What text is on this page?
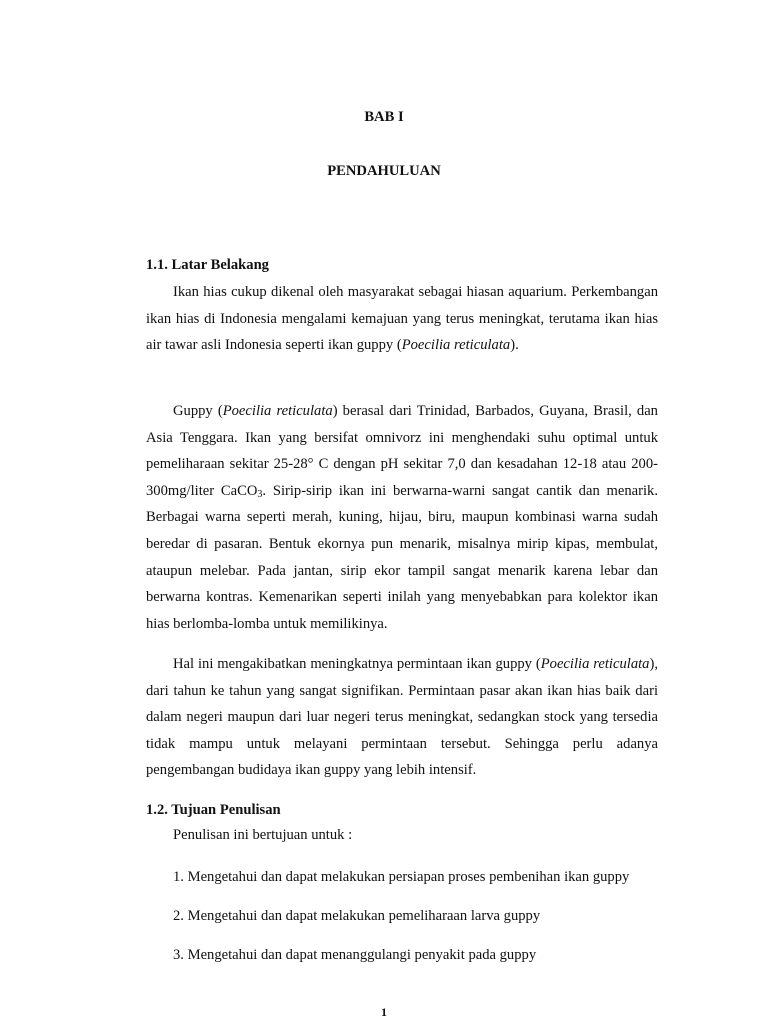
BAB I
PENDAHULUAN
1.1. Latar Belakang
Ikan hias cukup dikenal oleh masyarakat sebagai hiasan aquarium. Perkembangan ikan hias di Indonesia mengalami kemajuan yang terus meningkat, terutama ikan hias air tawar asli Indonesia seperti ikan guppy (Poecilia reticulata).
Guppy (Poecilia reticulata) berasal dari Trinidad, Barbados, Guyana, Brasil, dan Asia Tenggara. Ikan yang bersifat omnivorz ini menghendaki suhu optimal untuk pemeliharaan sekitar 25-28° C dengan pH sekitar 7,0 dan kesadahan 12-18 atau 200-300mg/liter CaCO$_3$. Sirip-sirip ikan ini berwarna-warni sangat cantik dan menarik. Berbagai warna seperti merah, kuning, hijau, biru, maupun kombinasi warna sudah beredar di pasaran. Bentuk ekornya pun menarik, misalnya mirip kipas, membulat, ataupun melebar. Pada jantan, sirip ekor tampil sangat menarik karena lebar dan berwarna kontras. Kemenarikan seperti inilah yang menyebabkan para kolektor ikan hias berlomba-lomba untuk memilikinya.
Hal ini mengakibatkan meningkatnya permintaan ikan guppy (Poecilia reticulata), dari tahun ke tahun yang sangat signifikan. Permintaan pasar akan ikan hias baik dari dalam negeri maupun dari luar negeri terus meningkat, sedangkan stock yang tersedia tidak mampu untuk melayani permintaan tersebut. Sehingga perlu adanya pengembangan budidaya ikan guppy yang lebih intensif.
1.2. Tujuan Penulisan
Penulisan ini bertujuan untuk :
1. Mengetahui dan dapat melakukan persiapan proses pembenihan ikan guppy
2. Mengetahui dan dapat melakukan pemeliharaan larva guppy
3. Mengetahui dan dapat menanggulangi penyakit pada guppy
1
